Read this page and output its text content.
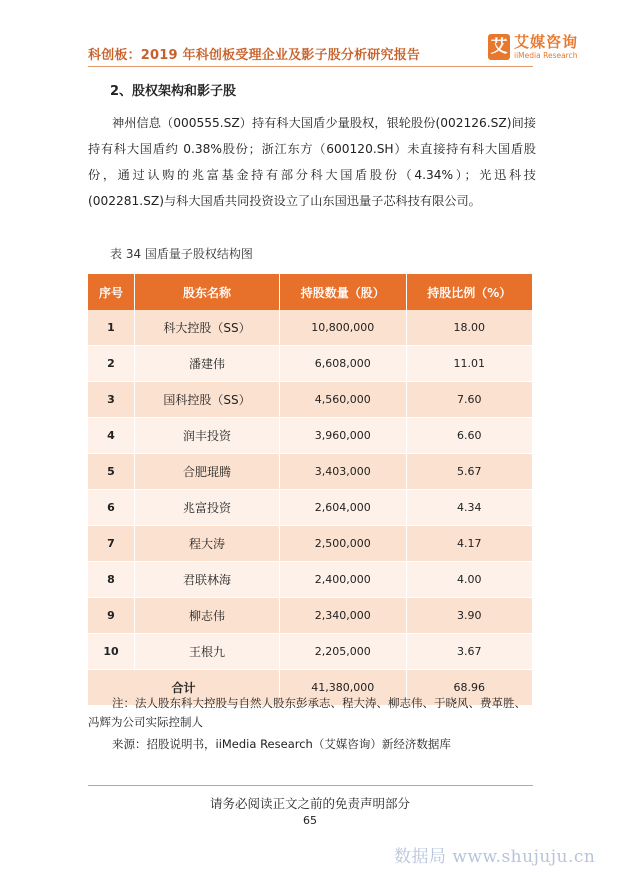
科创板：2019 年科创板受理企业及影子股分析研究报告	艾 艾媒咨询
iiMedia Research
2、股权架构和影子股

神州信息（000555.SZ）持有科大国盾少量股权，银轮股份(002126.SZ)间接持有科大国盾约 0.38%股份；浙江东方（600120.SH）未直接持有科大国盾股份，通过认购的兆富基金持有部分科大国盾股份（4.34%）；光迅科技(002281.SZ)与科大国盾共同投资设立了山东国迅量子芯科技有限公司。

表 34 国盾量子股权结构图
序号	股东名称	持股数量（股）	持股比例（%）
1	科大控股（SS）	10,800,000	18.00
2	潘建伟	6,608,000	11.01
3	国科控股（SS）	4,560,000	7.60
4	润丰投资	3,960,000	6.60
5	合肥琨腾	3,403,000	5.67
6	兆富投资	2,604,000	4.34
7	程大涛	2,500,000	4.17
8	君联林海	2,400,000	4.00
9	柳志伟	2,340,000	3.90
10	王根九	2,205,000	3.67
合计		41,380,000	68.96

注：法人股东科大控股与自然人股东彭承志、程大涛、柳志伟、于晓风、费革胜、

冯辉为公司实际控制人

来源：招股说明书，iiMedia Research（艾媒咨询）新经济数据库
请务必阅读正文之前的免责声明部分
65
数据局 www.shujuju.cn
